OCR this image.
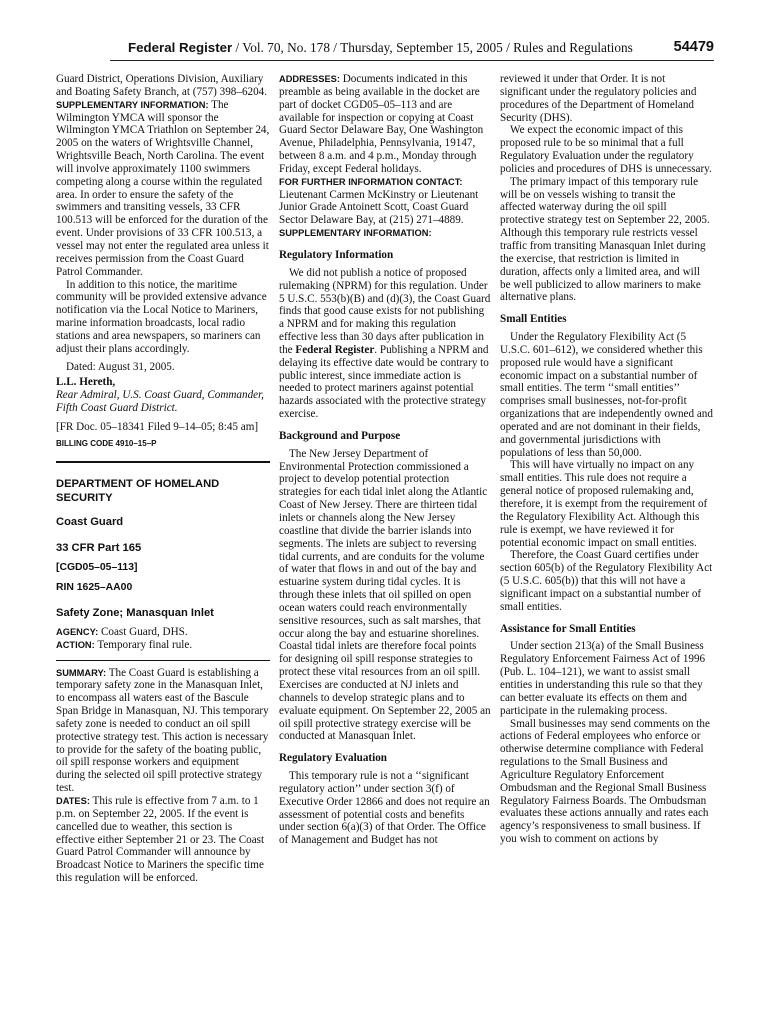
Federal Register / Vol. 70, No. 178 / Thursday, September 15, 2005 / Rules and Regulations	54479

Guard District, Operations Division, Auxiliary and Boating Safety Branch, at (757) 398–6204.

SUPPLEMENTARY INFORMATION: The Wilmington YMCA will sponsor the Wilmington YMCA Triathlon on September 24, 2005 on the waters of Wrightsville Channel, Wrightsville Beach, North Carolina. The event will involve approximately 1100 swimmers competing along a course within the regulated area. In order to ensure the safety of the swimmers and transiting vessels, 33 CFR 100.513 will be enforced for the duration of the event. Under provisions of 33 CFR 100.513, a vessel may not enter the regulated area unless it receives permission from the Coast Guard Patrol Commander.

In addition to this notice, the maritime community will be provided extensive advance notification via the Local Notice to Mariners, marine information broadcasts, local radio stations and area newspapers, so mariners can adjust their plans accordingly.

Dated: August 31, 2005.

L.L. Hereth,

Rear Admiral, U.S. Coast Guard, Commander, Fifth Coast Guard District.

[FR Doc. 05–18341 Filed 9–14–05; 8:45 am]

BILLING CODE 4910–15–P

DEPARTMENT OF HOMELAND SECURITY

Coast Guard

33 CFR Part 165

[CGD05–05–113]

RIN 1625–AA00

Safety Zone; Manasquan Inlet

AGENCY: Coast Guard, DHS.

ACTION: Temporary final rule.

SUMMARY: The Coast Guard is establishing a temporary safety zone in the Manasquan Inlet, to encompass all waters east of the Bascule Span Bridge in Manasquan, NJ. This temporary safety zone is needed to conduct an oil spill protective strategy test. This action is necessary to provide for the safety of the boating public, oil spill response workers and equipment during the selected oil spill protective strategy test.

DATES: This rule is effective from 7 a.m. to 1 p.m. on September 22, 2005. If the event is cancelled due to weather, this section is effective either September 21 or 23. The Coast Guard Patrol Commander will announce by Broadcast Notice to Mariners the specific time this regulation will be enforced.

ADDRESSES: Documents indicated in this preamble as being available in the docket are part of docket CGD05–05–113 and are available for inspection or copying at Coast Guard Sector Delaware Bay, One Washington Avenue, Philadelphia, Pennsylvania, 19147, between 8 a.m. and 4 p.m., Monday through Friday, except Federal holidays.

FOR FURTHER INFORMATION CONTACT:

Lieutenant Carmen McKinstry or Lieutenant Junior Grade Antoinett Scott, Coast Guard Sector Delaware Bay, at (215) 271–4889.

SUPPLEMENTARY INFORMATION:

Regulatory Information

We did not publish a notice of proposed rulemaking (NPRM) for this regulation. Under 5 U.S.C. 553(b)(B) and (d)(3), the Coast Guard finds that good cause exists for not publishing a NPRM and for making this regulation effective less than 30 days after publication in the Federal Register. Publishing a NPRM and delaying its effective date would be contrary to public interest, since immediate action is needed to protect mariners against potential hazards associated with the protective strategy exercise.

Background and Purpose

The New Jersey Department of Environmental Protection commissioned a project to develop potential protection strategies for each tidal inlet along the Atlantic Coast of New Jersey. There are thirteen tidal inlets or channels along the New Jersey coastline that divide the barrier islands into segments. The inlets are subject to reversing tidal currents, and are conduits for the volume of water that flows in and out of the bay and estuarine system during tidal cycles. It is through these inlets that oil spilled on open ocean waters could reach environmentally sensitive resources, such as salt marshes, that occur along the bay and estuarine shorelines. Coastal tidal inlets are therefore focal points for designing oil spill response strategies to protect these vital resources from an oil spill. Exercises are conducted at NJ inlets and channels to develop strategic plans and to evaluate equipment. On September 22, 2005 an oil spill protective strategy exercise will be conducted at Manasquan Inlet.

Regulatory Evaluation

This temporary rule is not a ‘‘significant regulatory action’’ under section 3(f) of Executive Order 12866 and does not require an assessment of potential costs and benefits under section 6(a)(3) of that Order. The Office of Management and Budget has not

reviewed it under that Order. It is not significant under the regulatory policies and procedures of the Department of Homeland Security (DHS).

We expect the economic impact of this proposed rule to be so minimal that a full Regulatory Evaluation under the regulatory policies and procedures of DHS is unnecessary.

The primary impact of this temporary rule will be on vessels wishing to transit the affected waterway during the oil spill protective strategy test on September 22, 2005. Although this temporary rule restricts vessel traffic from transiting Manasquan Inlet during the exercise, that restriction is limited in duration, affects only a limited area, and will be well publicized to allow mariners to make alternative plans.

Small Entities

Under the Regulatory Flexibility Act (5 U.S.C. 601–612), we considered whether this proposed rule would have a significant economic impact on a substantial number of small entities. The term ‘‘small entities’’ comprises small businesses, not-for-profit organizations that are independently owned and operated and are not dominant in their fields, and governmental jurisdictions with populations of less than 50,000.

This will have virtually no impact on any small entities. This rule does not require a general notice of proposed rulemaking and, therefore, it is exempt from the requirement of the Regulatory Flexibility Act. Although this rule is exempt, we have reviewed it for potential economic impact on small entities.

Therefore, the Coast Guard certifies under section 605(b) of the Regulatory Flexibility Act (5 U.S.C. 605(b)) that this will not have a significant impact on a substantial number of small entities.

Assistance for Small Entities

Under section 213(a) of the Small Business Regulatory Enforcement Fairness Act of 1996 (Pub. L. 104–121), we want to assist small entities in understanding this rule so that they can better evaluate its effects on them and participate in the rulemaking process.

Small businesses may send comments on the actions of Federal employees who enforce or otherwise determine compliance with Federal regulations to the Small Business and Agriculture Regulatory Enforcement Ombudsman and the Regional Small Business Regulatory Fairness Boards. The Ombudsman evaluates these actions annually and rates each agency’s responsiveness to small business. If you wish to comment on actions by
